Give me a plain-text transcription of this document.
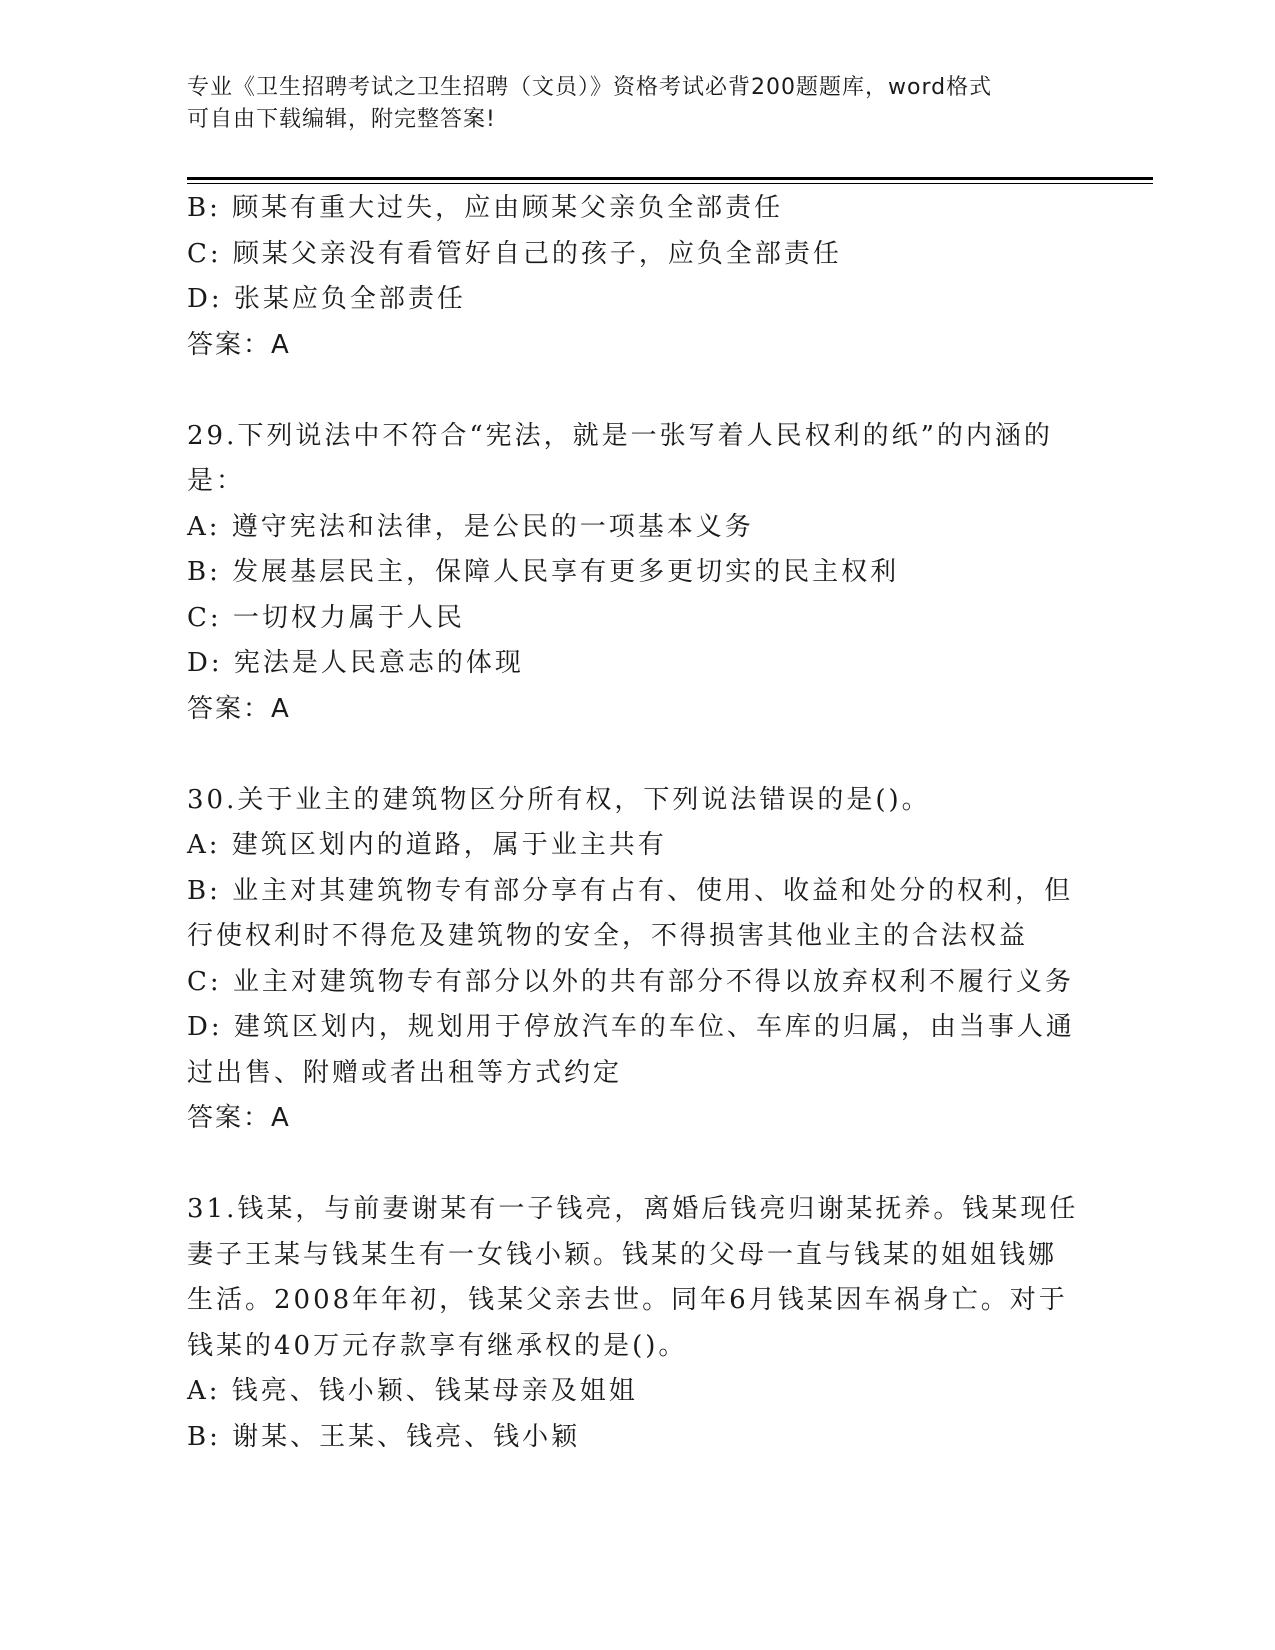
专业《卫生招聘考试之卫生招聘（文员）》资格考试必背200题题库，word格式
可自由下载编辑，附完整答案!
B: 顾某有重大过失，应由顾某父亲负全部责任
C: 顾某父亲没有看管好自己的孩子，应负全部责任
D: 张某应负全部责任
答案：A
29.下列说法中不符合“宪法，就是一张写着人民权利的纸”的内涵的
是：
A: 遵守宪法和法律，是公民的一项基本义务
B: 发展基层民主，保障人民享有更多更切实的民主权利
C: 一切权力属于人民
D: 宪法是人民意志的体现
答案：A
30.关于业主的建筑物区分所有权，下列说法错误的是()。
A: 建筑区划内的道路，属于业主共有
B: 业主对其建筑物专有部分享有占有、使用、收益和处分的权利，但
行使权利时不得危及建筑物的安全，不得损害其他业主的合法权益
C: 业主对建筑物专有部分以外的共有部分不得以放弃权利不履行义务
D: 建筑区划内，规划用于停放汽车的车位、车库的归属，由当事人通
过出售、附赠或者出租等方式约定
答案：A
31.钱某，与前妻谢某有一子钱亮，离婚后钱亮归谢某抚养。钱某现任
妻子王某与钱某生有一女钱小颖。钱某的父母一直与钱某的姐姐钱娜
生活。2008年年初，钱某父亲去世。同年6月钱某因车祸身亡。对于
钱某的40万元存款享有继承权的是()。
A: 钱亮、钱小颖、钱某母亲及姐姐
B: 谢某、王某、钱亮、钱小颖
